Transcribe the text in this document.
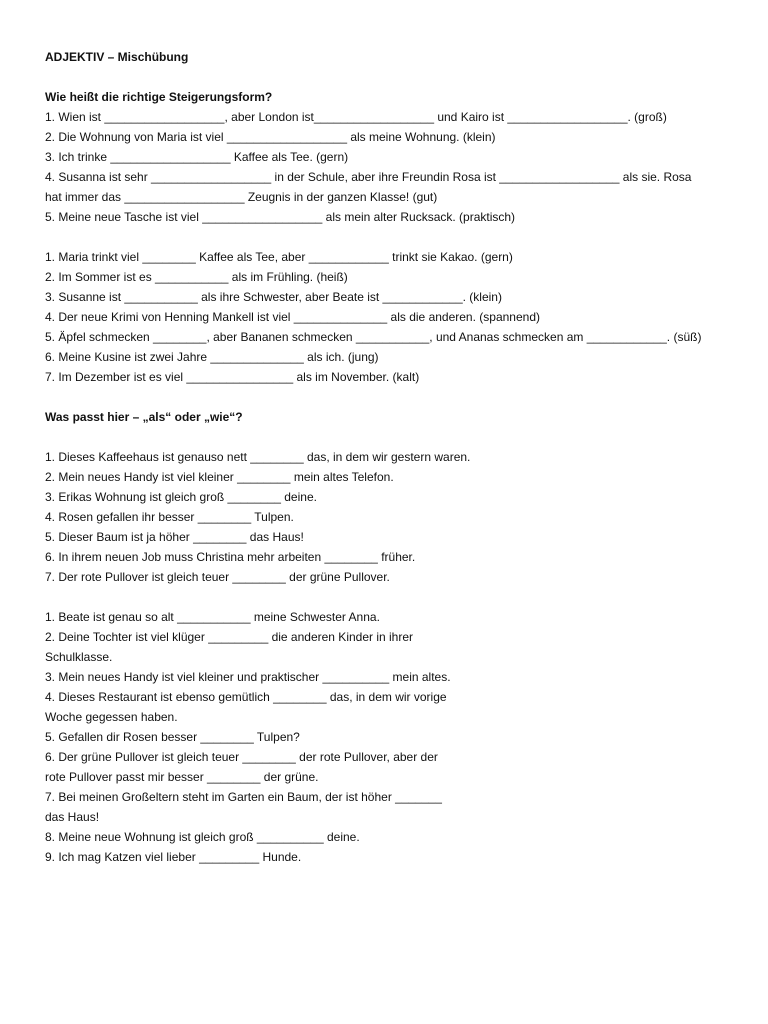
ADJEKTIV – Mischübung
Wie heißt die richtige Steigerungsform?
1. Wien ist __________________, aber London ist__________________ und Kairo ist __________________. (groß)
2. Die Wohnung von Maria ist viel __________________ als meine Wohnung. (klein)
3. Ich trinke __________________ Kaffee als Tee. (gern)
4. Susanna ist sehr __________________ in der Schule, aber ihre Freundin Rosa ist __________________ als sie. Rosa
hat immer das __________________ Zeugnis in der ganzen Klasse! (gut)
5. Meine neue Tasche ist viel __________________ als mein alter Rucksack. (praktisch)
1. Maria trinkt viel ________ Kaffee als Tee, aber ____________ trinkt sie Kakao. (gern)
2. Im Sommer ist es ___________ als im Frühling. (heiß)
3. Susanne ist ___________ als ihre Schwester, aber Beate ist ____________. (klein)
4. Der neue Krimi von Henning Mankell ist viel ______________ als die anderen. (spannend)
5. Äpfel schmecken ________, aber Bananen schmecken ___________, und Ananas schmecken am ____________. (süß)
6. Meine Kusine ist zwei Jahre ______________ als ich. (jung)
7. Im Dezember ist es viel ________________ als im November. (kalt)
Was passt hier – „als“ oder „wie“?
1. Dieses Kaffeehaus ist genauso nett ________ das, in dem wir gestern waren.
2. Mein neues Handy ist viel kleiner ________ mein altes Telefon.
3. Erikas Wohnung ist gleich groß ________ deine.
4. Rosen gefallen ihr besser ________ Tulpen.
5. Dieser Baum ist ja höher ________ das Haus!
6. In ihrem neuen Job muss Christina mehr arbeiten ________ früher.
7. Der rote Pullover ist gleich teuer ________ der grüne Pullover.
1. Beate ist genau so alt ___________ meine Schwester Anna.
2. Deine Tochter ist viel klüger _________ die anderen Kinder in ihrer
Schulklasse.
3. Mein neues Handy ist viel kleiner und praktischer __________ mein altes.
4. Dieses Restaurant ist ebenso gemütlich ________ das, in dem wir vorige
Woche gegessen haben.
5. Gefallen dir Rosen besser ________ Tulpen?
6. Der grüne Pullover ist gleich teuer ________ der rote Pullover, aber der
rote Pullover passt mir besser ________ der grüne.
7. Bei meinen Großeltern steht im Garten ein Baum, der ist höher _______
das Haus!
8. Meine neue Wohnung ist gleich groß __________ deine.
9. Ich mag Katzen viel lieber _________ Hunde.
